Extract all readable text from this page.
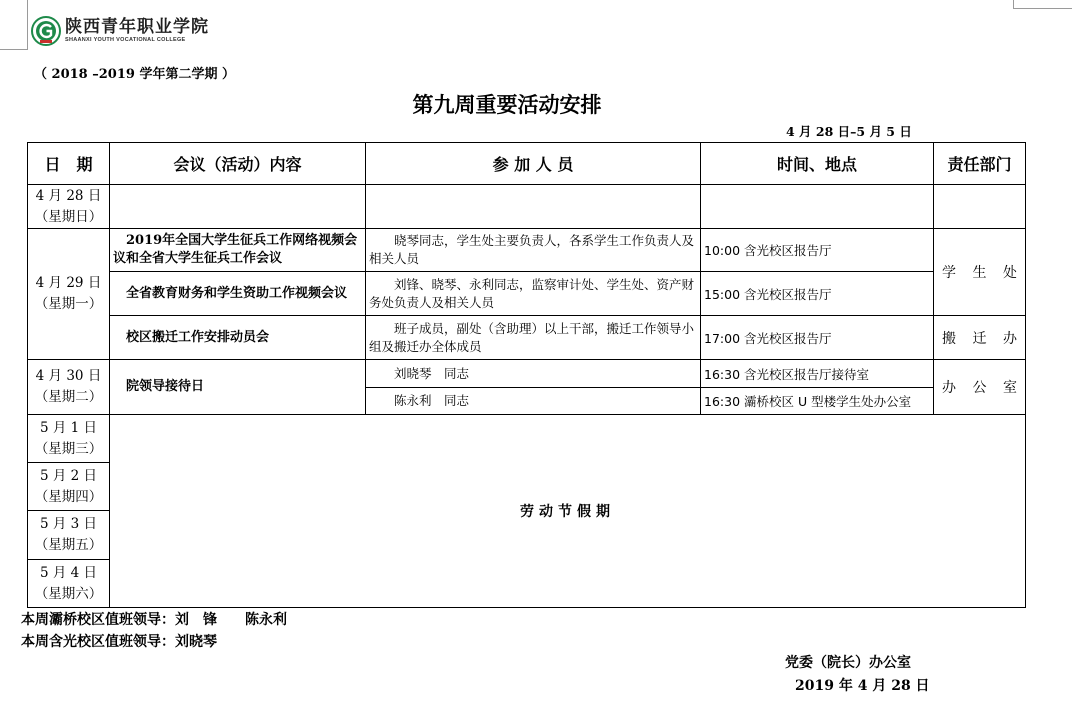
陕西青年职业学院
SHAANXI YOUTH VOCATIONAL COLLEGE
（ 2018 –2019 学年第二学期 ）
第九周重要活动安排
4 月 28 日–5 月 5 日
日　期	会议（活动）内容	参 加 人 员	时间、地点	责任部门

4 月 28 日
（星期日）				

4 月 29 日
（星期一）	　2019年全国大学生征兵工作网络视频会议和全省大学生征兵工作会议	　　晓琴同志，学生处主要负责人，各系学生工作负责人及相关人员	10:00 含光校区报告厅	学生处
	　全省教育财务和学生资助工作视频会议	　　刘锋、晓琴、永利同志，监察审计处、学生处、资产财务处负责人及相关人员	15:00 含光校区报告厅	
	　校区搬迁工作安排动员会	　　班子成员，副处（含助理）以上干部，搬迁工作领导小组及搬迁办全体成员	17:00 含光校区报告厅	搬迁办

4 月 30 日
（星期二）	　院领导接待日	　　刘晓琴　同志	16:30 含光校区报告厅接待室	办公室
		　　陈永利　同志	16:30 灞桥校区 U 型楼学生处办公室	

5 月 1 日
（星期三）	劳动节假期			

5 月 2 日
（星期四）				

5 月 3 日
（星期五）				

5 月 4 日
（星期六）				
本周灞桥校区值班领导：刘　锋　　陈永利
本周含光校区值班领导：刘晓琴
党委（院长）办公室
2019 年 4 月 28 日
